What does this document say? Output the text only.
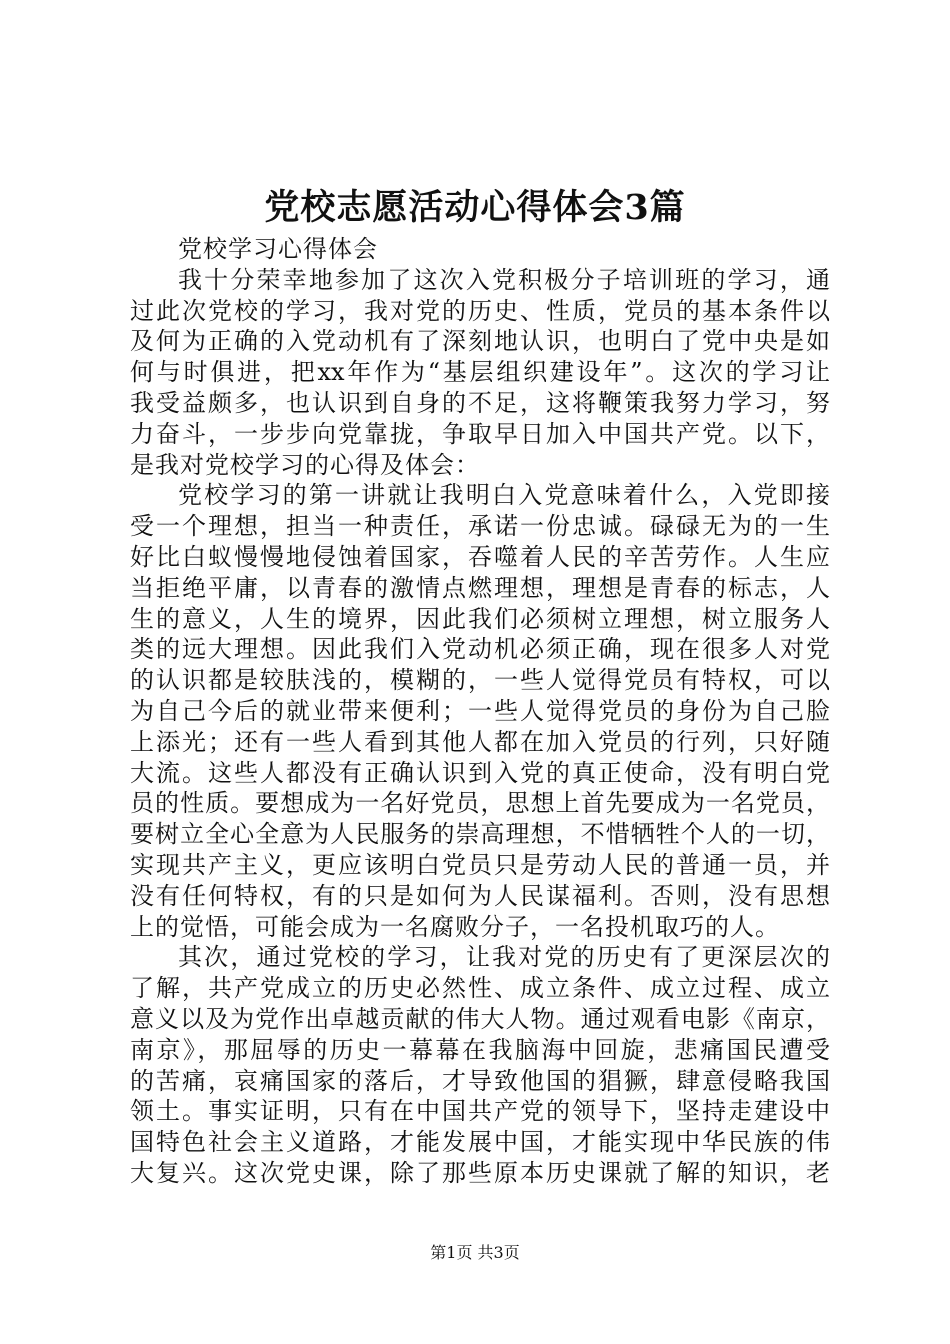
党校志愿活动心得体会3篇
党校学习心得体会
我十分荣幸地参加了这次入党积极分子培训班的学习，通
过此次党校的学习，我对党的历史、性质，党员的基本条件以
及何为正确的入党动机有了深刻地认识，也明白了党中央是如
何与时俱进，把xx年作为“基层组织建设年”。这次的学习让
我受益颇多，也认识到自身的不足，这将鞭策我努力学习，努
力奋斗，一步步向党靠拢，争取早日加入中国共产党。以下，
是我对党校学习的心得及体会：
党校学习的第一讲就让我明白入党意味着什么，入党即接
受一个理想，担当一种责任，承诺一份忠诚。碌碌无为的一生
好比白蚁慢慢地侵蚀着国家，吞噬着人民的辛苦劳作。人生应
当拒绝平庸，以青春的激情点燃理想，理想是青春的标志，人
生的意义，人生的境界，因此我们必须树立理想，树立服务人
类的远大理想。因此我们入党动机必须正确，现在很多人对党
的认识都是较肤浅的，模糊的，一些人觉得党员有特权，可以
为自己今后的就业带来便利；一些人觉得党员的身份为自己脸
上添光；还有一些人看到其他人都在加入党员的行列，只好随
大流。这些人都没有正确认识到入党的真正使命，没有明白党
员的性质。要想成为一名好党员，思想上首先要成为一名党员，
要树立全心全意为人民服务的崇高理想，不惜牺牲个人的一切，
实现共产主义，更应该明白党员只是劳动人民的普通一员，并
没有任何特权，有的只是如何为人民谋福利。否则，没有思想
上的觉悟，可能会成为一名腐败分子，一名投机取巧的人。
其次，通过党校的学习，让我对党的历史有了更深层次的
了解，共产党成立的历史必然性、成立条件、成立过程、成立
意义以及为党作出卓越贡献的伟大人物。通过观看电影《南京，
南京》，那屈辱的历史一幕幕在我脑海中回旋，悲痛国民遭受
的苦痛，哀痛国家的落后，才导致他国的猖獗，肆意侵略我国
领土。事实证明，只有在中国共产党的领导下，坚持走建设中
国特色社会主义道路，才能发展中国，才能实现中华民族的伟
大复兴。这次党史课，除了那些原本历史课就了解的知识，老
第1页 共3页
